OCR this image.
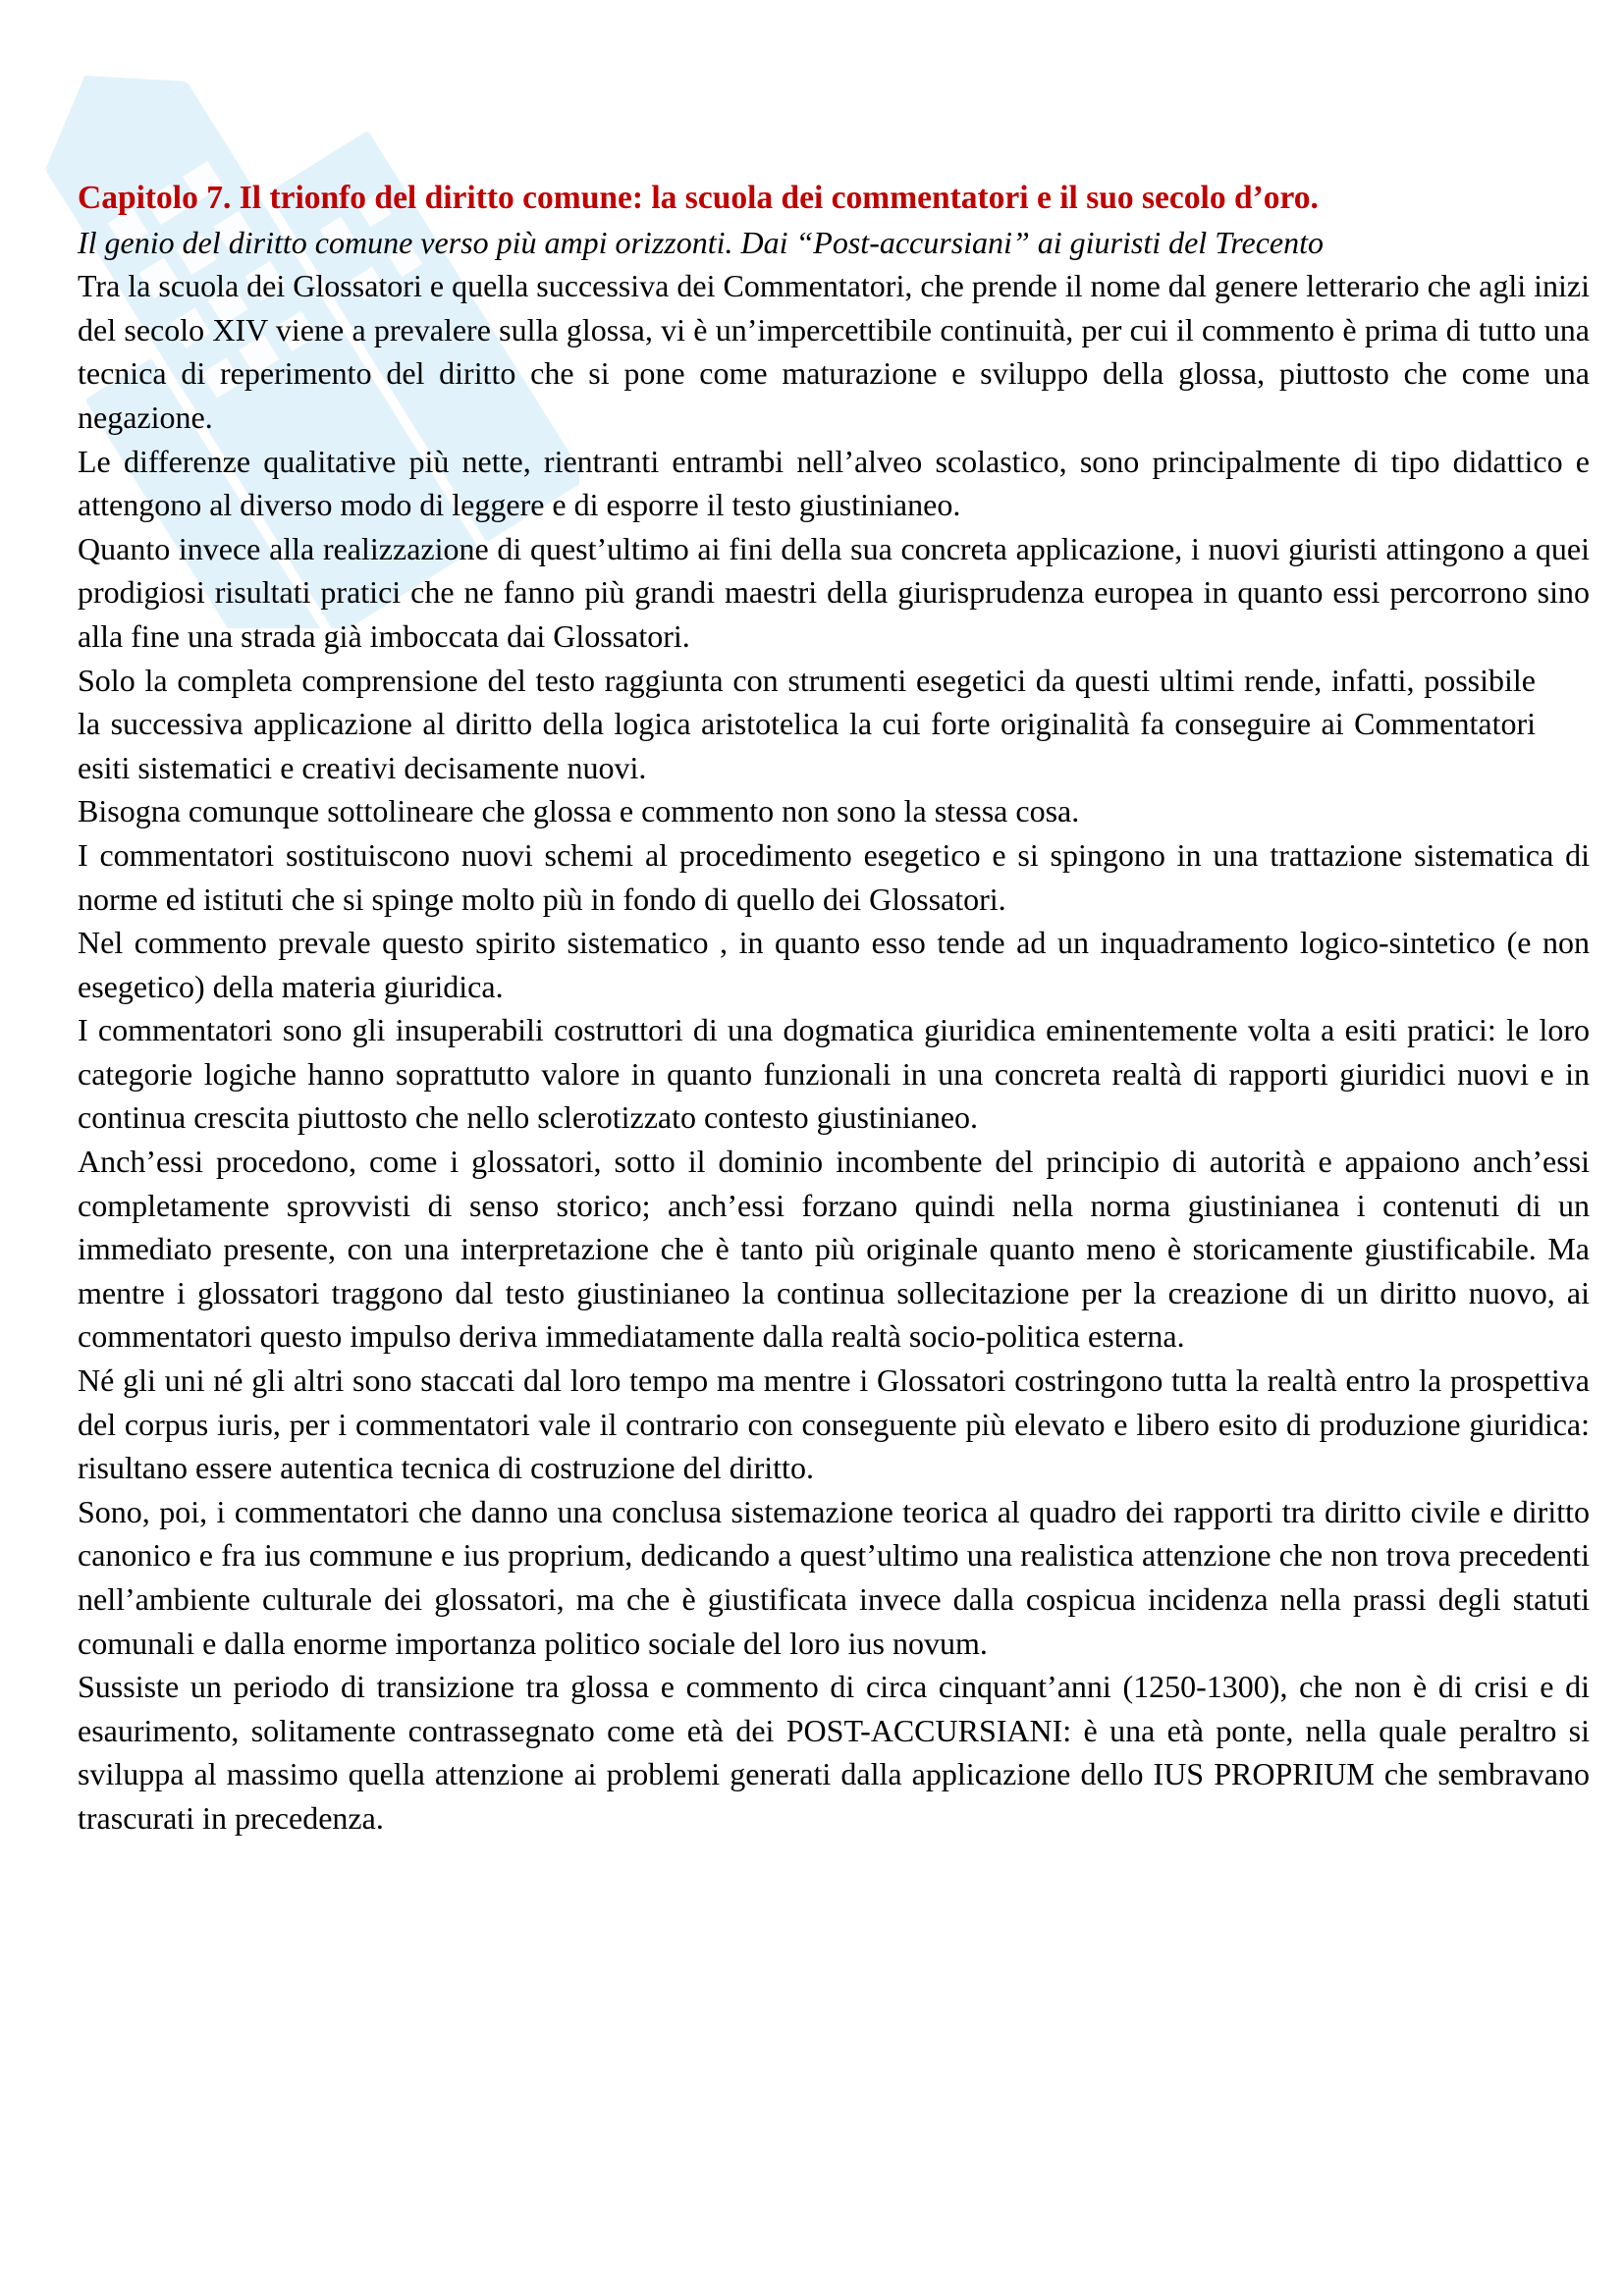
Capitolo 7. Il trionfo del diritto comune: la scuola dei commentatori e il suo secolo d’oro.

Il genio del diritto comune verso più ampi orizzonti. Dai “Post-accursiani” ai giuristi del Trecento

Tra la scuola dei Glossatori e quella successiva dei Commentatori, che prende il nome dal genere letterario che agli inizi del secolo XIV viene a prevalere sulla glossa, vi è un’impercettibile continuità, per cui il commento è prima di tutto una tecnica di reperimento del diritto che si pone come maturazione e sviluppo della glossa, piuttosto che come una negazione.

Le differenze qualitative più nette, rientranti entrambi nell’alveo scolastico, sono principalmente di tipo didattico e attengono al diverso modo di leggere e di esporre il testo giustinianeo.

Quanto invece alla realizzazione di quest’ultimo ai fini della sua concreta applicazione, i nuovi giuristi attingono a quei prodigiosi risultati pratici che ne fanno più grandi maestri della giurisprudenza europea in quanto essi percorrono sino alla fine una strada già imboccata dai Glossatori.

Solo la completa comprensione del testo raggiunta con strumenti esegetici da questi ultimi rende, infatti, possibile la successiva applicazione al diritto della logica aristotelica la cui forte originalità fa conseguire ai Commentatori esiti sistematici e creativi decisamente nuovi.

Bisogna comunque sottolineare che glossa e commento non sono la stessa cosa.

I commentatori sostituiscono nuovi schemi al procedimento esegetico e si spingono in una trattazione sistematica di norme ed istituti che si spinge molto più in fondo di quello dei Glossatori.

Nel commento prevale questo spirito sistematico , in quanto esso tende ad un inquadramento logico-sintetico (e non esegetico) della materia giuridica.

I commentatori sono gli insuperabili costruttori di una dogmatica giuridica eminentemente volta a esiti pratici: le loro categorie logiche hanno soprattutto valore in quanto funzionali in una concreta realtà di rapporti giuridici nuovi e in continua crescita piuttosto che nello sclerotizzato contesto giustinianeo.

Anch’essi procedono, come i glossatori, sotto il dominio incombente del principio di autorità e appaiono anch’essi completamente sprovvisti di senso storico; anch’essi forzano quindi nella norma giustinianea i contenuti di un immediato presente, con una interpretazione che è tanto più originale quanto meno è storicamente giustificabile. Ma mentre i glossatori traggono dal testo giustinianeo la continua sollecitazione per la creazione di un diritto nuovo, ai commentatori questo impulso deriva immediatamente dalla realtà socio-politica esterna.

Né gli uni né gli altri sono staccati dal loro tempo ma mentre i Glossatori costringono tutta la realtà entro la prospettiva del corpus iuris, per i commentatori vale il contrario con conseguente più elevato e libero esito di produzione giuridica: risultano essere autentica tecnica di costruzione del diritto.

Sono, poi, i commentatori che danno una conclusa sistemazione teorica al quadro dei rapporti tra diritto civile e diritto canonico e fra ius commune e ius proprium, dedicando a quest’ultimo una realistica attenzione che non trova precedenti nell’ambiente culturale dei glossatori, ma che è giustificata invece dalla cospicua incidenza nella prassi degli statuti comunali e dalla enorme importanza politico sociale del loro ius novum.

Sussiste un periodo di transizione tra glossa e commento di circa cinquant’anni (1250-1300), che non è di crisi e di esaurimento, solitamente contrassegnato come età dei POST-ACCURSIANI: è una età ponte, nella quale peraltro si sviluppa al massimo quella attenzione ai problemi generati dalla applicazione dello IUS PROPRIUM che sembravano trascurati in precedenza.
